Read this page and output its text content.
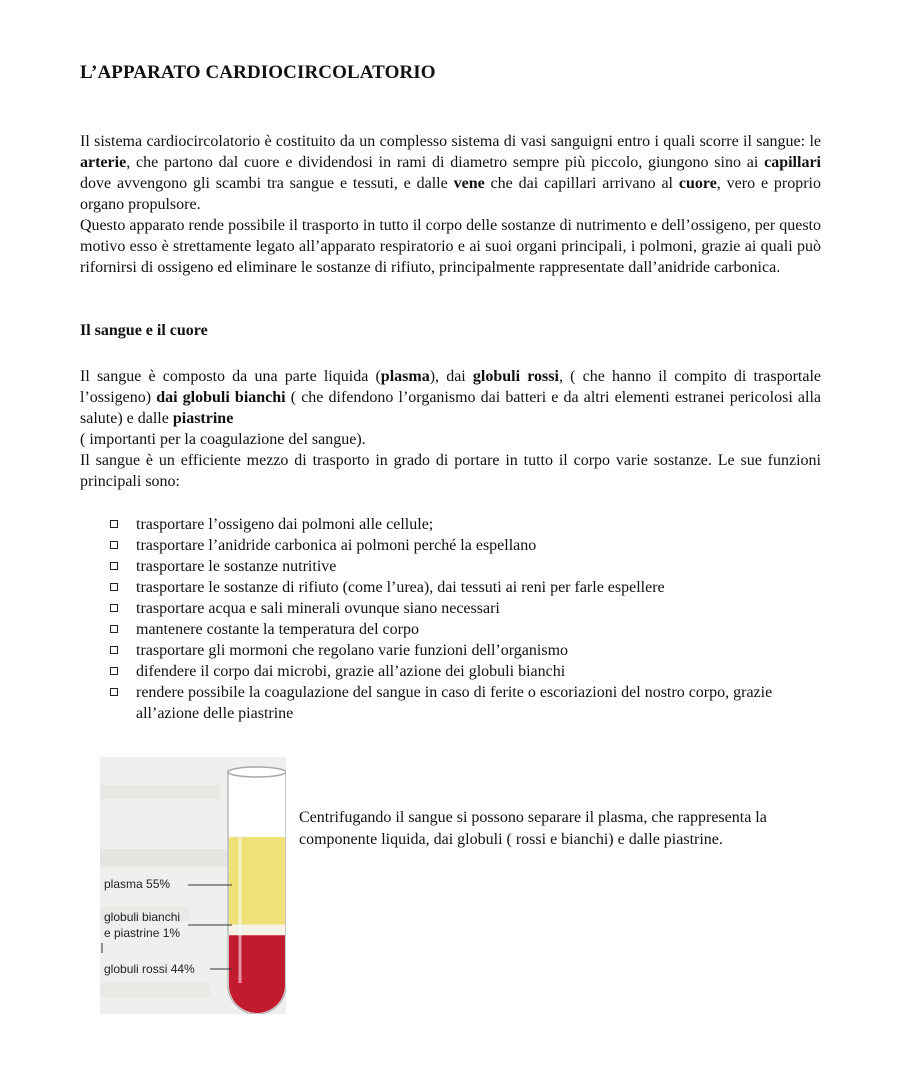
L’APPARATO CARDIOCIRCOLATORIO

Il sistema cardiocircolatorio è costituito da un complesso sistema di vasi sanguigni entro i quali scorre il sangue: le arterie, che partono dal cuore e dividendosi in rami di diametro sempre più piccolo, giungono sino ai capillari dove avvengono gli scambi tra sangue e tessuti, e dalle vene che dai capillari arrivano al cuore, vero e proprio organo propulsore.

Questo apparato rende possibile il trasporto in tutto il corpo delle sostanze di nutrimento e dell’ossigeno, per questo motivo esso è strettamente legato all’apparato respiratorio e ai suoi organi principali, i polmoni, grazie ai quali può rifornirsi di ossigeno ed eliminare le sostanze di rifiuto, principalmente rappresentate dall’anidride carbonica.

Il sangue e il cuore

Il sangue è composto da una parte liquida (plasma), dai globuli rossi, ( che hanno il compito di trasportale l’ossigeno) dai globuli bianchi ( che difendono l’organismo dai batteri e da altri elementi estranei pericolosi alla salute) e dalle piastrine

( importanti per la coagulazione del sangue).

Il sangue è un efficiente mezzo di trasporto in grado di portare in tutto il corpo varie sostanze. Le sue funzioni principali sono:

trasportare l’ossigeno dai polmoni alle cellule;
trasportare l’anidride carbonica ai polmoni perché la espellano
trasportare le sostanze nutritive
trasportare le sostanze di rifiuto (come l’urea), dai tessuti ai reni per farle espellere
trasportare acqua e sali minerali ovunque siano necessari
mantenere costante la temperatura del corpo
trasportare gli mormoni che regolano varie funzioni dell’organismo
difendere il corpo dai microbi, grazie all’azione dei globuli bianchi
rendere possibile la coagulazione del sangue in caso di ferite o escoriazioni del nostro corpo, grazie all’azione delle piastrine
plasma 55%
globuli bianchi
e piastrine 1%
globuli rossi 44%
Centrifugando il sangue si possono separare il plasma, che rappresenta la componente liquida, dai globuli ( rossi e bianchi) e dalle piastrine.
